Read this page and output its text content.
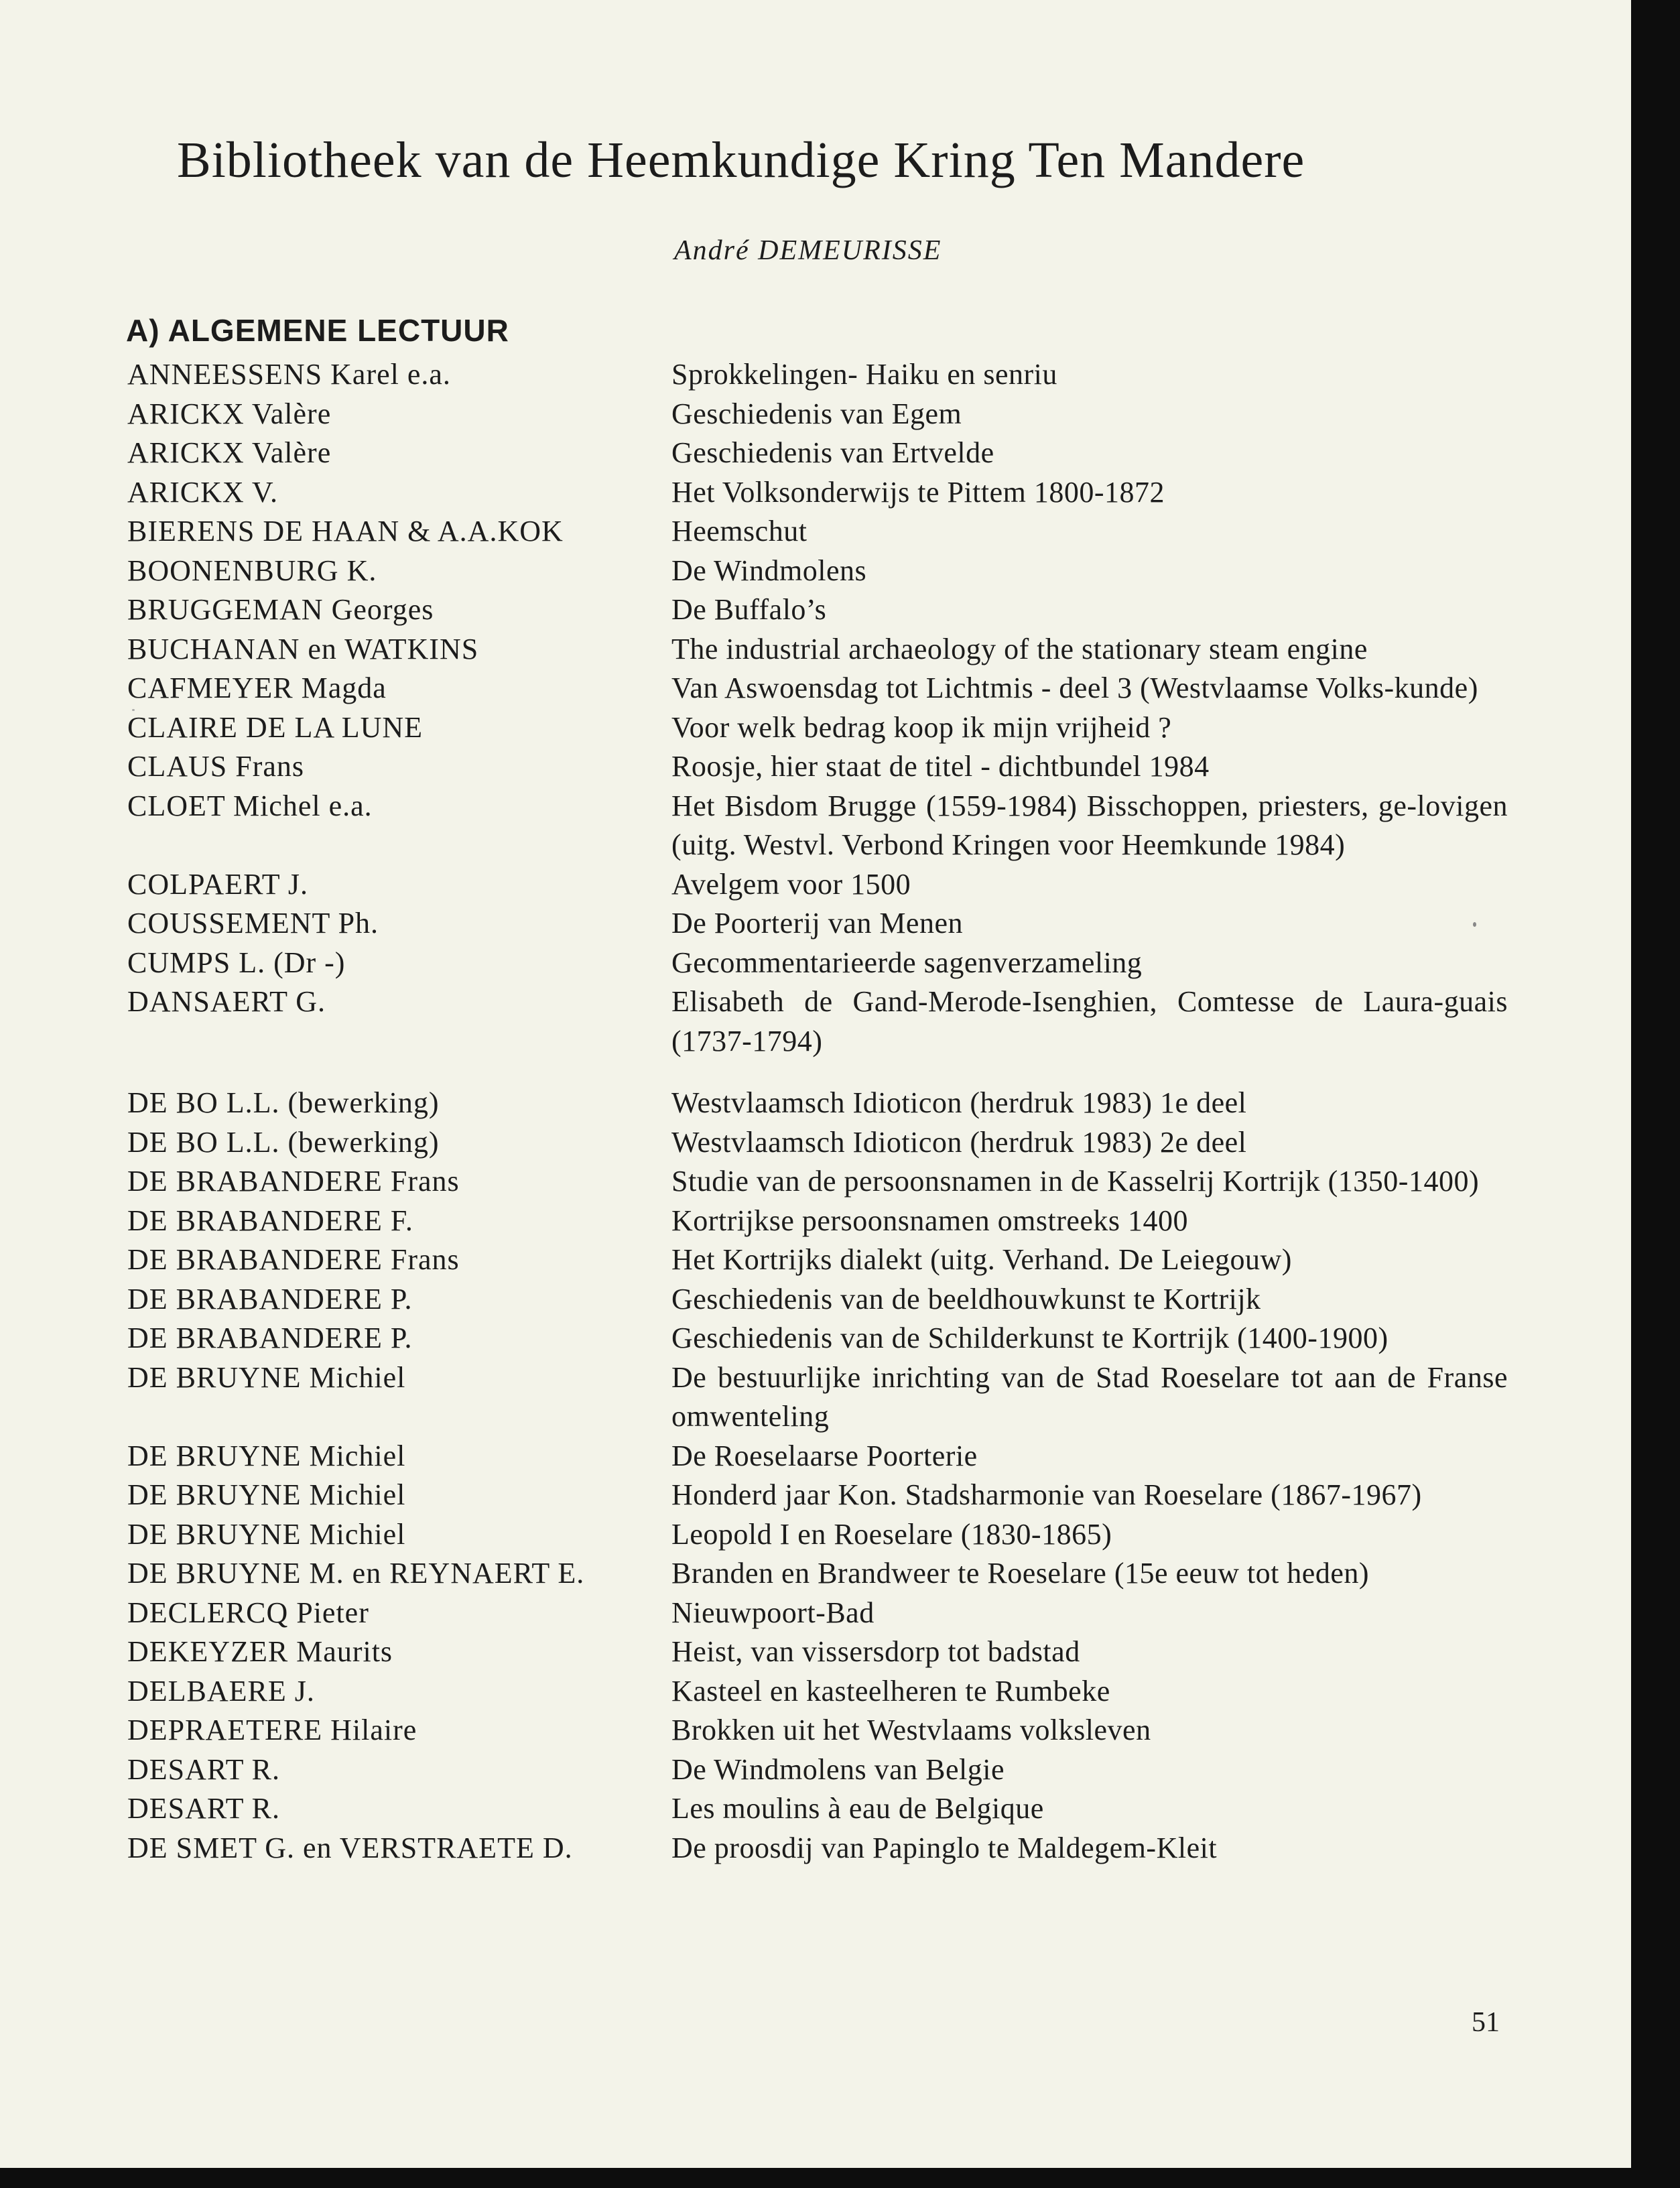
Bibliotheek van de Heemkundige Kring Ten Mandere
André DEMEURISSE
A) ALGEMENE LECTUUR
ANNEESSENS Karel e.a.	Sprokkelingen- Haiku en senriu
ARICKX Valère	Geschiedenis van Egem
ARICKX Valère	Geschiedenis van Ertvelde
ARICKX V.	Het Volksonderwijs te Pittem 1800-1872
BIERENS DE HAAN & A.A.KOK	Heemschut
BOONENBURG K.	De Windmolens
BRUGGEMAN Georges	De Buffalo’s
BUCHANAN en WATKINS	The industrial archaeology of the stationary steam engine
CAFMEYER Magda	Van Aswoensdag tot Lichtmis - deel 3 (Westvlaamse Volks-kunde)
CLAIRE DE LA LUNE	Voor welk bedrag koop ik mijn vrijheid ?
CLAUS Frans	Roosje, hier staat de titel - dichtbundel 1984
CLOET Michel e.a.	Het Bisdom Brugge (1559-1984) Bisschoppen, priesters, ge-lovigen (uitg. Westvl. Verbond Kringen voor Heemkunde 1984)
COLPAERT J.	Avelgem voor 1500
COUSSEMENT Ph.	De Poorterij van Menen
CUMPS L. (Dr -)	Gecommentarieerde sagenverzameling
DANSAERT G.	Elisabeth de Gand-Merode-Isenghien, Comtesse de Laura-guais (1737-1794)
DE BO L.L. (bewerking)	Westvlaamsch Idioticon (herdruk 1983) 1e deel
DE BO L.L. (bewerking)	Westvlaamsch Idioticon (herdruk 1983) 2e deel
DE BRABANDERE Frans	Studie van de persoonsnamen in de Kasselrij Kortrijk (1350-1400)
DE BRABANDERE F.	Kortrijkse persoonsnamen omstreeks 1400
DE BRABANDERE Frans	Het Kortrijks dialekt (uitg. Verhand. De Leiegouw)
DE BRABANDERE P.	Geschiedenis van de beeldhouwkunst te Kortrijk
DE BRABANDERE P.	Geschiedenis van de Schilderkunst te Kortrijk (1400-1900)
DE BRUYNE Michiel	De bestuurlijke inrichting van de Stad Roeselare tot aan de Franse omwenteling
DE BRUYNE Michiel	De Roeselaarse Poorterie
DE BRUYNE Michiel	Honderd jaar Kon. Stadsharmonie van Roeselare (1867-1967)
DE BRUYNE Michiel	Leopold I en Roeselare (1830-1865)
DE BRUYNE M. en REYNAERT E.	Branden en Brandweer te Roeselare (15e eeuw tot heden)
DECLERCQ Pieter	Nieuwpoort-Bad
DEKEYZER Maurits	Heist, van vissersdorp tot badstad
DELBAERE J.	Kasteel en kasteelheren te Rumbeke
DEPRAETERE Hilaire	Brokken uit het Westvlaams volksleven
DESART R.	De Windmolens van Belgie
DESART R.	Les moulins à eau de Belgique
DE SMET G. en VERSTRAETE D.	De proosdij van Papinglo te Maldegem-Kleit
51
